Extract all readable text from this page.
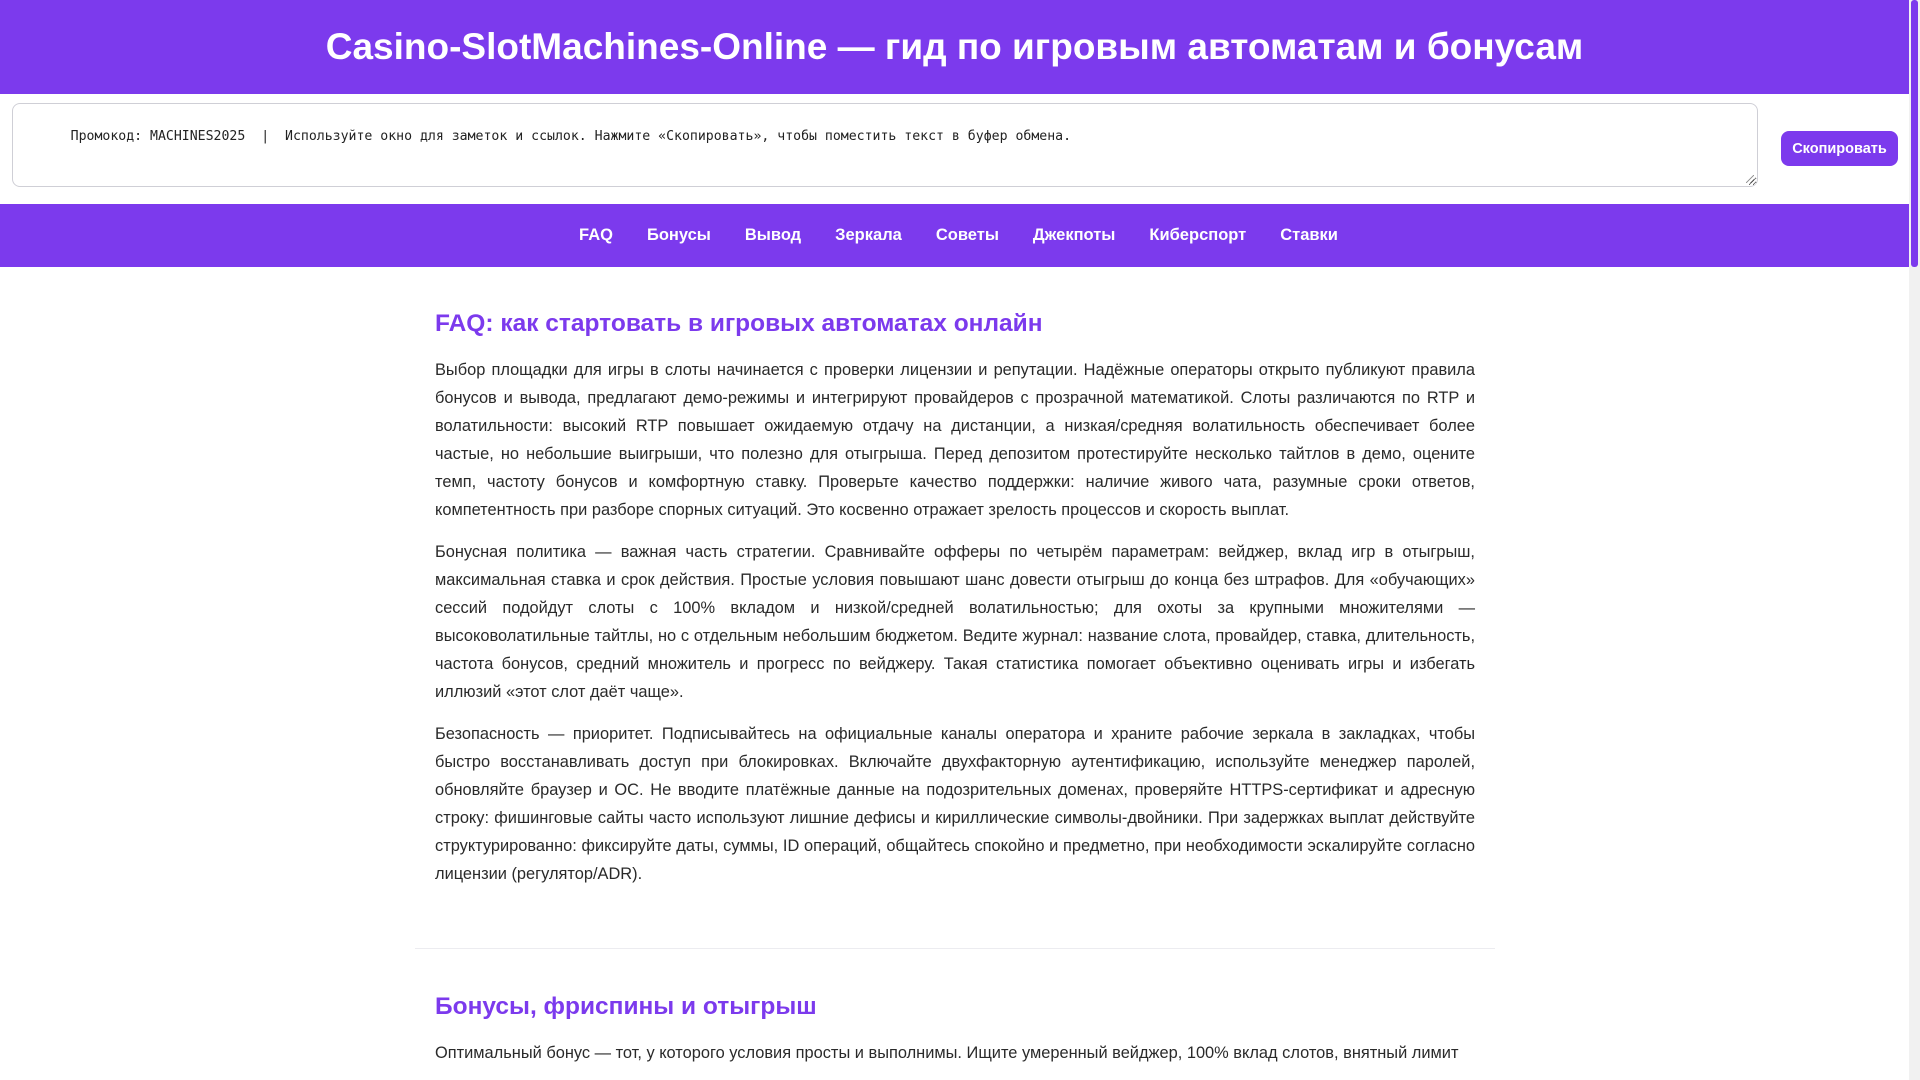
Casino-SlotMachines-Online — гид по игровым автоматам и бонусам

Промокод: MACHINES2025  |  Используйте окно для заметок и ссылок. Нажмите «Скопировать», чтобы поместить текст в буфер обмена.

Скопировать
FAQ Бонусы Вывод Зеркала Советы Джекпоты Киберспорт Ставки
FAQ: как стартовать в игровых автоматах онлайн

Выбор площадки для игры в слоты начинается с проверки лицензии и репутации. Надёжные операторы открыто публикуют правила бонусов и вывода, предлагают демо-режимы и интегрируют провайдеров с прозрачной математикой. Слоты различаются по RTP и волатильности: высокий RTP повышает ожидаемую отдачу на дистанции, а низкая/средняя волатильность обеспечивает более частые, но небольшие выигрыши, что полезно для отыгрыша. Перед депозитом протестируйте несколько тайтлов в демо, оцените темп, частоту бонусов и комфортную ставку. Проверьте качество поддержки: наличие живого чата, разумные сроки ответов, компетентность при разборе спорных ситуаций. Это косвенно отражает зрелость процессов и скорость выплат.

Бонусная политика — важная часть стратегии. Сравнивайте офферы по четырём параметрам: вейджер, вклад игр в отыгрыш, максимальная ставка и срок действия. Простые условия повышают шанс довести отыгрыш до конца без штрафов. Для «обучающих» сессий подойдут слоты с 100% вкладом и низкой/средней волатильностью; для охоты за крупными множителями — высоковолатильные тайтлы, но с отдельным небольшим бюджетом. Ведите журнал: название слота, провайдер, ставка, длительность, частота бонусов, средний множитель и прогресс по вейджеру. Такая статистика помогает объективно оценивать игры и избегать иллюзий «этот слот даёт чаще».

Безопасность — приоритет. Подписывайтесь на официальные каналы оператора и храните рабочие зеркала в закладках, чтобы быстро восстанавливать доступ при блокировках. Включайте двухфакторную аутентификацию, используйте менеджер паролей, обновляйте браузер и ОС. Не вводите платёжные данные на подозрительных доменах, проверяйте HTTPS-сертификат и адресную строку: фишинговые сайты часто используют лишние дефисы и кириллические символы-двойники. При задержках выплат действуйте структурированно: фиксируйте даты, суммы, ID операций, общайтесь спокойно и предметно, при необходимости эскалируйте согласно лицензии (регулятор/ADR).

Бонусы, фриспины и отыгрыш

Оптимальный бонус — тот, у которого условия просты и выполнимы. Ищите умеренный вейджер, 100% вклад слотов, внятный лимит
